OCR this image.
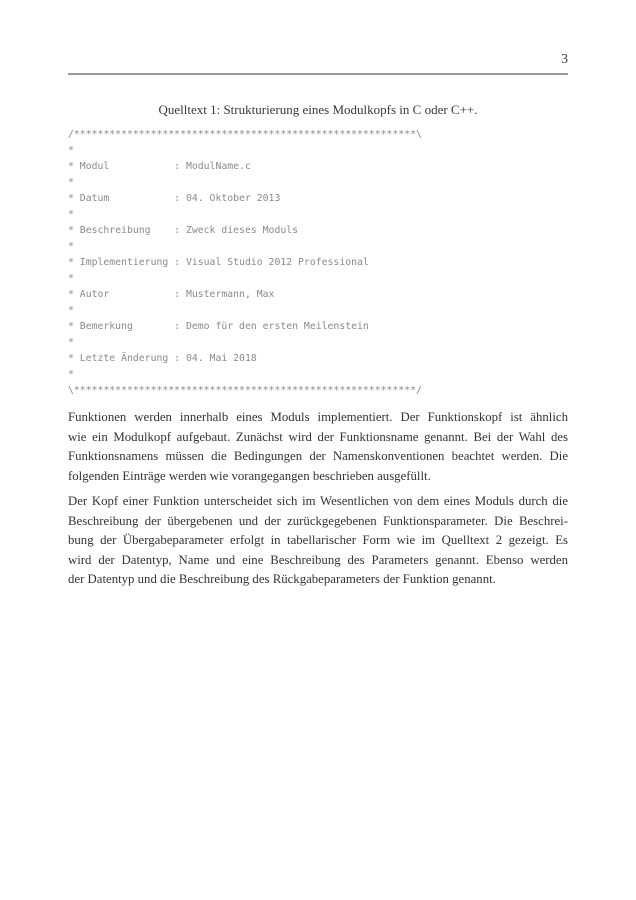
3
Quelltext 1: Strukturierung eines Modulkopfs in C oder C++.
/**********************************************************\
*
* Modul           : ModulName.c
*
* Datum           : 04. Oktober 2013
*
* Beschreibung    : Zweck dieses Moduls
*
* Implementierung : Visual Studio 2012 Professional
*
* Autor           : Mustermann, Max
*
* Bemerkung       : Demo für den ersten Meilenstein
*
* Letzte Änderung : 04. Mai 2018
*
\**********************************************************/
Funktionen werden innerhalb eines Moduls implementiert. Der Funktionskopf ist ähnlich
wie ein Modulkopf aufgebaut. Zunächst wird der Funktionsname genannt. Bei der Wahl des
Funktionsnamens müssen die Bedingungen der Namenskonventionen beachtet werden. Die
folgenden Einträge werden wie vorangegangen beschrieben ausgefüllt.
Der Kopf einer Funktion unterscheidet sich im Wesentlichen von dem eines Moduls durch die
Beschreibung der übergebenen und der zurückgegebenen Funktionsparameter. Die Beschrei-
bung der Übergabeparameter erfolgt in tabellarischer Form wie im Quelltext 2 gezeigt. Es
wird der Datentyp, Name und eine Beschreibung des Parameters genannt. Ebenso werden
der Datentyp und die Beschreibung des Rückgabeparameters der Funktion genannt.
